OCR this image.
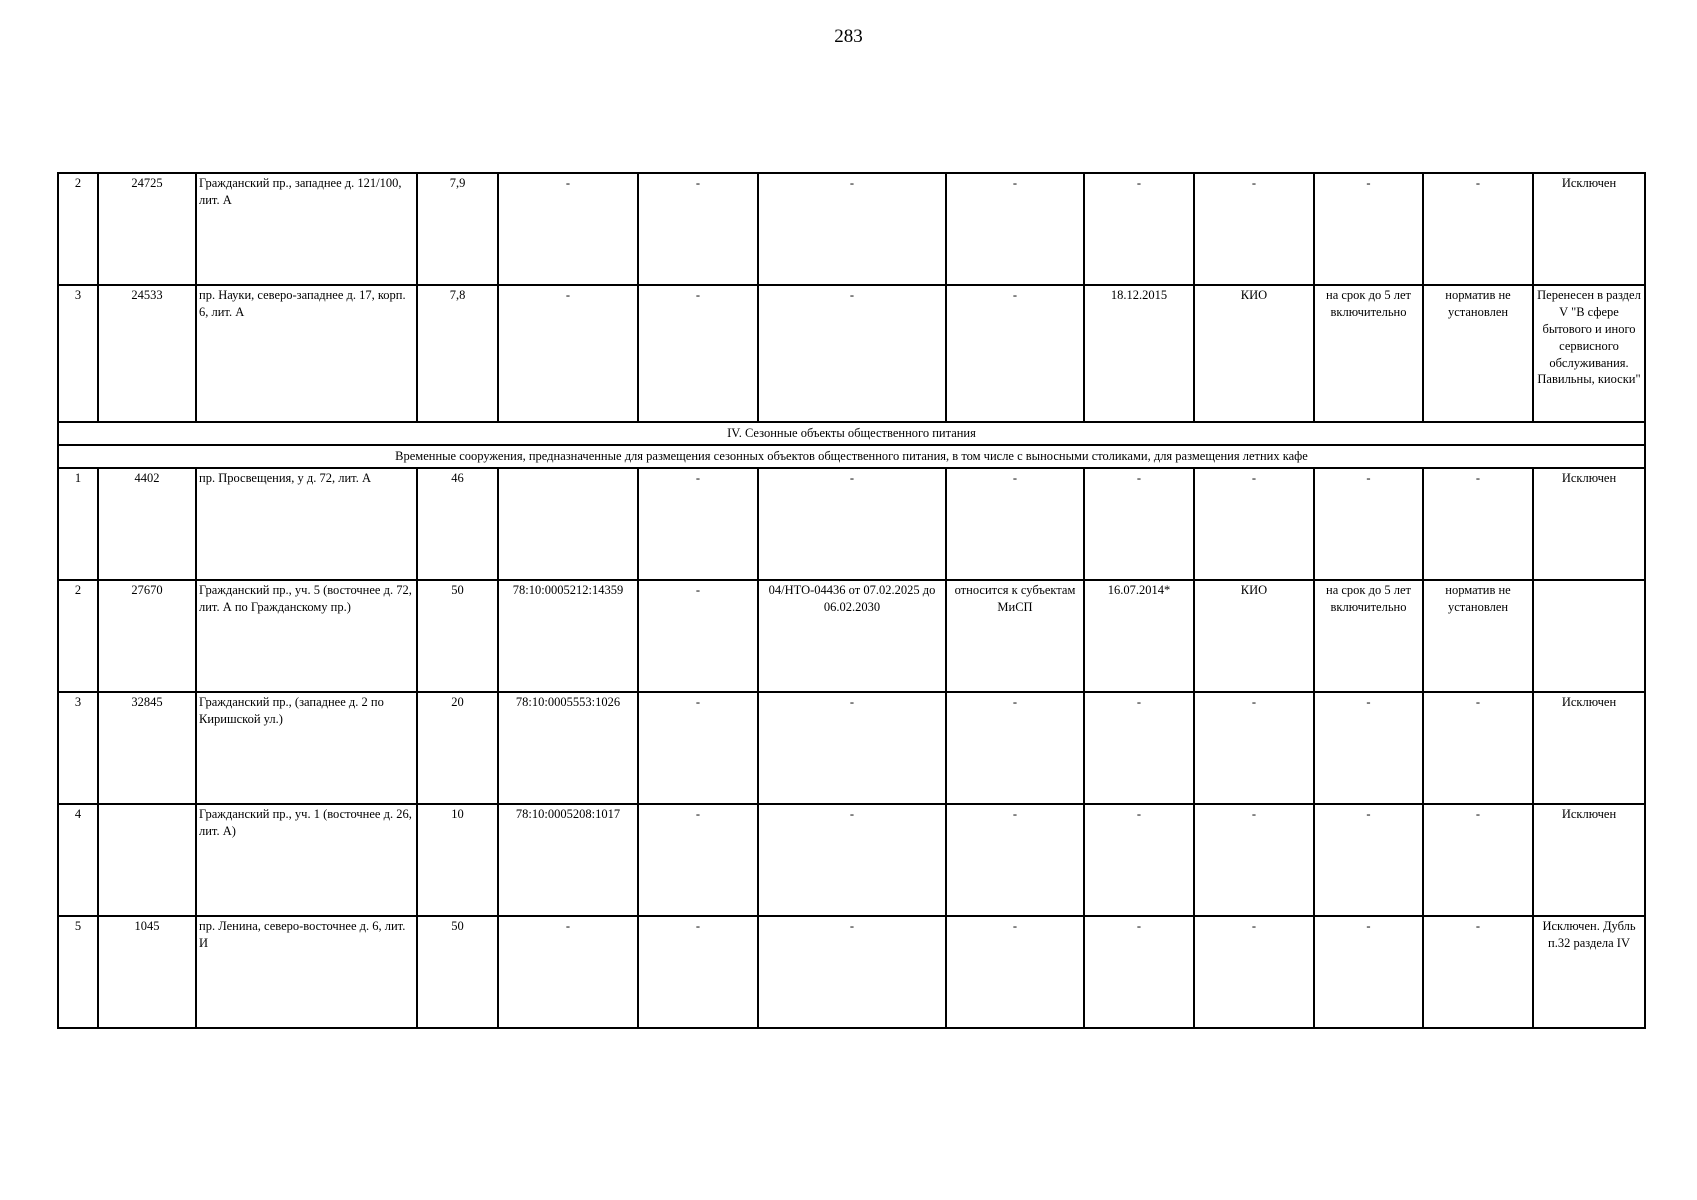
283
2	24725	Гражданский пр., западнее д. 121/100, лит. А	7,9	-	-	-	-	-	-	-	-	Исключен
3	24533	пр. Науки, северо-западнее д. 17, корп. 6, лит. А	7,8	-	-	-	-	18.12.2015	КИО	на срок до 5 лет включительно	норматив не установлен	Перенесен в раздел V "В сфере бытового и иного сервисного обслуживания. Павильны, киоски"
IV. Сезонные объекты общественного питания												
Временные сооружения, предназначенные для размещения сезонных объектов общественного питания, в том числе с выносными столиками, для размещения летних кафе												
1	4402	пр. Просвещения, у д. 72, лит. А	46		-	-	-	-	-	-	-	Исключен
2	27670	Гражданский пр., уч. 5 (восточнее д. 72, лит. А по Гражданскому пр.)	50	78:10:0005212:14359	-	04/НТО-04436 от 07.02.2025 до 06.02.2030	относится к субъектам МиСП	16.07.2014*	КИО	на срок до 5 лет включительно	норматив не установлен	
3	32845	Гражданский пр., (западнее д. 2 по Киришской ул.)	20	78:10:0005553:1026	-	-	-	-	-	-	-	Исключен
4		Гражданский пр., уч. 1 (восточнее д. 26, лит. А)	10	78:10:0005208:1017	-	-	-	-	-	-	-	Исключен
5	1045	пр. Ленина, северо-восточнее д. 6, лит. И	50	-	-	-	-	-	-	-	-	Исключен. Дубль п.32 раздела IV
